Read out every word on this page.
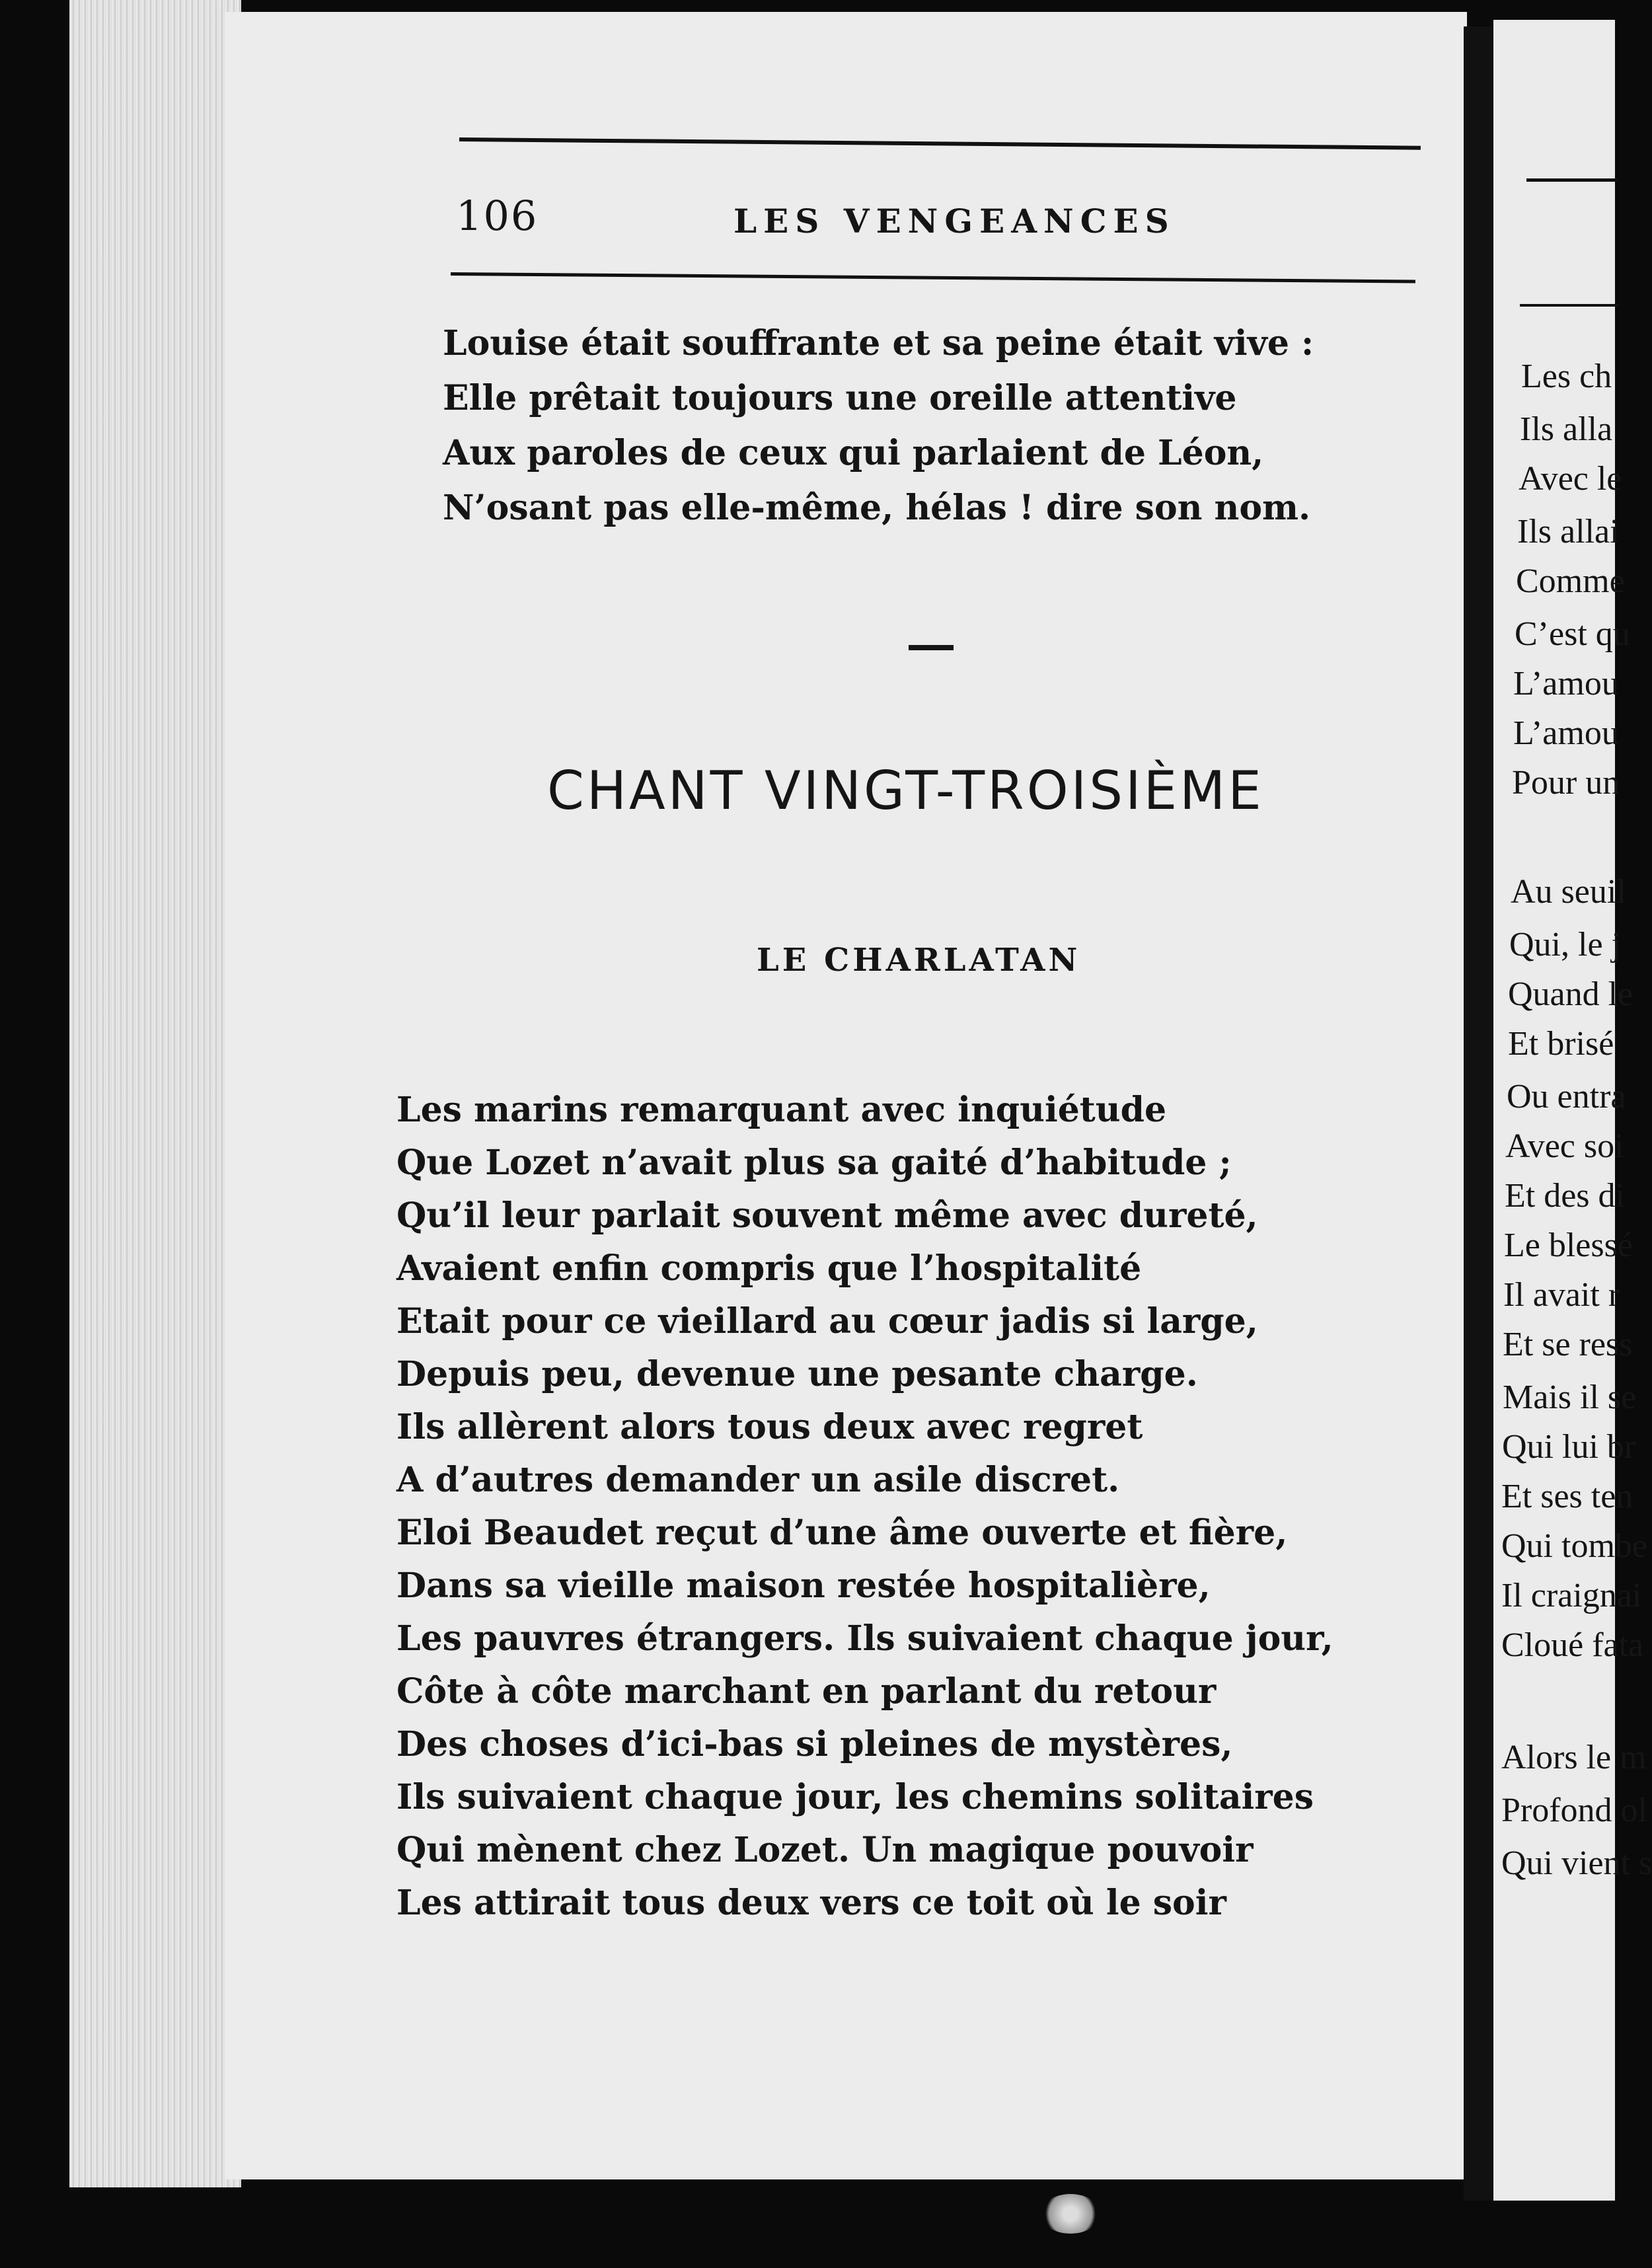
106	LES VENGEANCES
Louise était souffrante et sa peine était vive :
Elle prêtait toujours une oreille attentive
Aux paroles de ceux qui parlaient de Léon,
N’osant pas elle-même, hélas ! dire son nom.
CHANT VINGT-TROISIÈME
LE CHARLATAN
Les marins remarquant avec inquiétude
Que Lozet n’avait plus sa gaité d’habitude ;
Qu’il leur parlait souvent même avec dureté,
Avaient enfin compris que l’hospitalité
Etait pour ce vieillard au cœur jadis si large,
Depuis peu, devenue une pesante charge.
Ils allèrent alors tous deux avec regret
A d’autres demander un asile discret.
Eloi Beaudet reçut d’une âme ouverte et fière,
Dans sa vieille maison restée hospitalière,
Les pauvres étrangers. Ils suivaient chaque jour,
Côte à côte marchant en parlant du retour
Des choses d’ici-bas si pleines de mystères,
Ils suivaient chaque jour, les chemins solitaires
Qui mènent chez Lozet. Un magique pouvoir
Les attirait tous deux vers ce toit où le soir
Les ch
Ils alla
Avec le
Ils allai
Comme
C’est qu
L’amou
L’amou
Pour un
Au seuil
Qui, le j
Quand le
Et brisé
Ou entra
Avec soi
Et des di
Le blessé
Il avait r
Et se ress
Mais il se
Qui lui br
Et ses ten
Qui tombe
Il craignai
Cloué fata
Alors le m
Profond ol
Qui vient s
